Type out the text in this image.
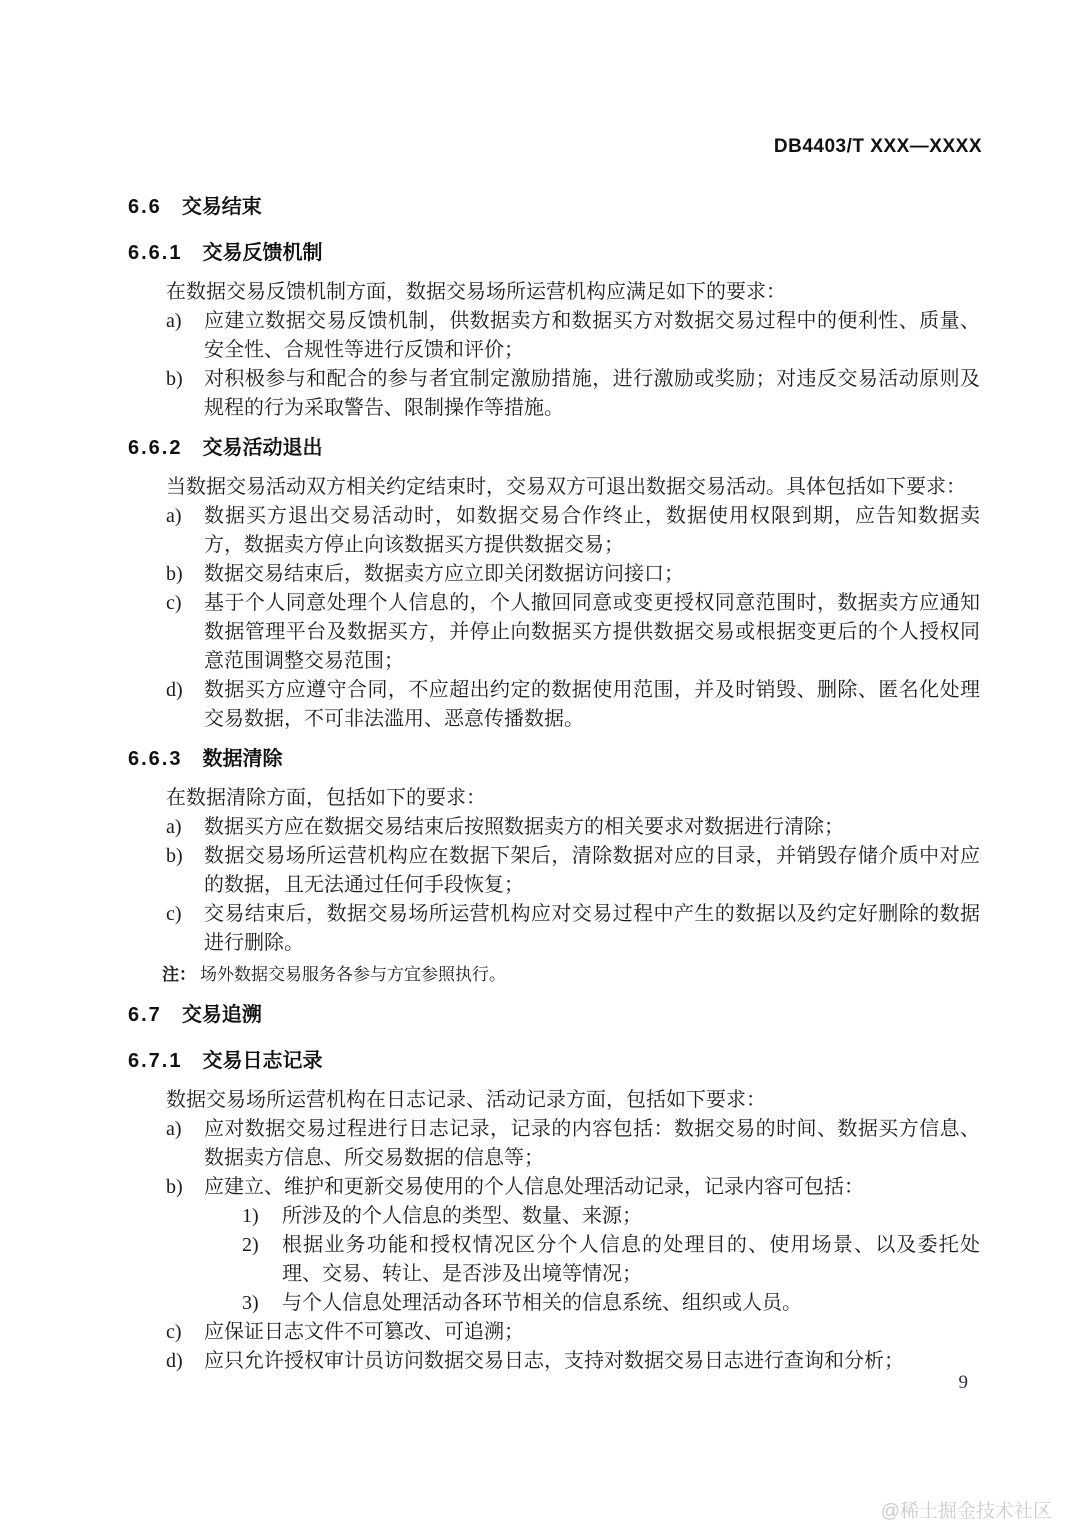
DB4403/T XXX—XXXX
6.6 交易结束
6.6.1 交易反馈机制

在数据交易反馈机制方面，数据交易场所运营机构应满足如下的要求：

a)	应建立数据交易反馈机制，供数据卖方和数据买方对数据交易过程中的便利性、质量、安全性、合规性等进行反馈和评价；
b)	对积极参与和配合的参与者宜制定激励措施，进行激励或奖励；对违反交易活动原则及规程的行为采取警告、限制操作等措施。
6.6.2 交易活动退出

当数据交易活动双方相关约定结束时，交易双方可退出数据交易活动。具体包括如下要求：

a)	数据买方退出交易活动时，如数据交易合作终止，数据使用权限到期，应告知数据卖方，数据卖方停止向该数据买方提供数据交易；
b)	数据交易结束后，数据卖方应立即关闭数据访问接口；
c)	基于个人同意处理个人信息的，个人撤回同意或变更授权同意范围时，数据卖方应通知数据管理平台及数据买方，并停止向数据买方提供数据交易或根据变更后的个人授权同意范围调整交易范围；
d)	数据买方应遵守合同，不应超出约定的数据使用范围，并及时销毁、删除、匿名化处理交易数据，不可非法滥用、恶意传播数据。
6.6.3 数据清除

在数据清除方面，包括如下的要求：

a)	数据买方应在数据交易结束后按照数据卖方的相关要求对数据进行清除；
b)	数据交易场所运营机构应在数据下架后，清除数据对应的目录，并销毁存储介质中对应的数据，且无法通过任何手段恢复；
c)	交易结束后，数据交易场所运营机构应对交易过程中产生的数据以及约定好删除的数据进行删除。
注： 场外数据交易服务各参与方宜参照执行。
6.7 交易追溯
6.7.1 交易日志记录

数据交易场所运营机构在日志记录、活动记录方面，包括如下要求：

a)	应对数据交易过程进行日志记录，记录的内容包括：数据交易的时间、数据买方信息、数据卖方信息、所交易数据的信息等；
b)	应建立、维护和更新交易使用的个人信息处理活动记录，记录内容可包括：
1)	所涉及的个人信息的类型、数量、来源；
2)	根据业务功能和授权情况区分个人信息的处理目的、使用场景、以及委托处理、交易、转让、是否涉及出境等情况；
3)	与个人信息处理活动各环节相关的信息系统、组织或人员。
c)	应保证日志文件不可篡改、可追溯；
d)	应只允许授权审计员访问数据交易日志，支持对数据交易日志进行查询和分析；
9
@稀土掘金技术社区
